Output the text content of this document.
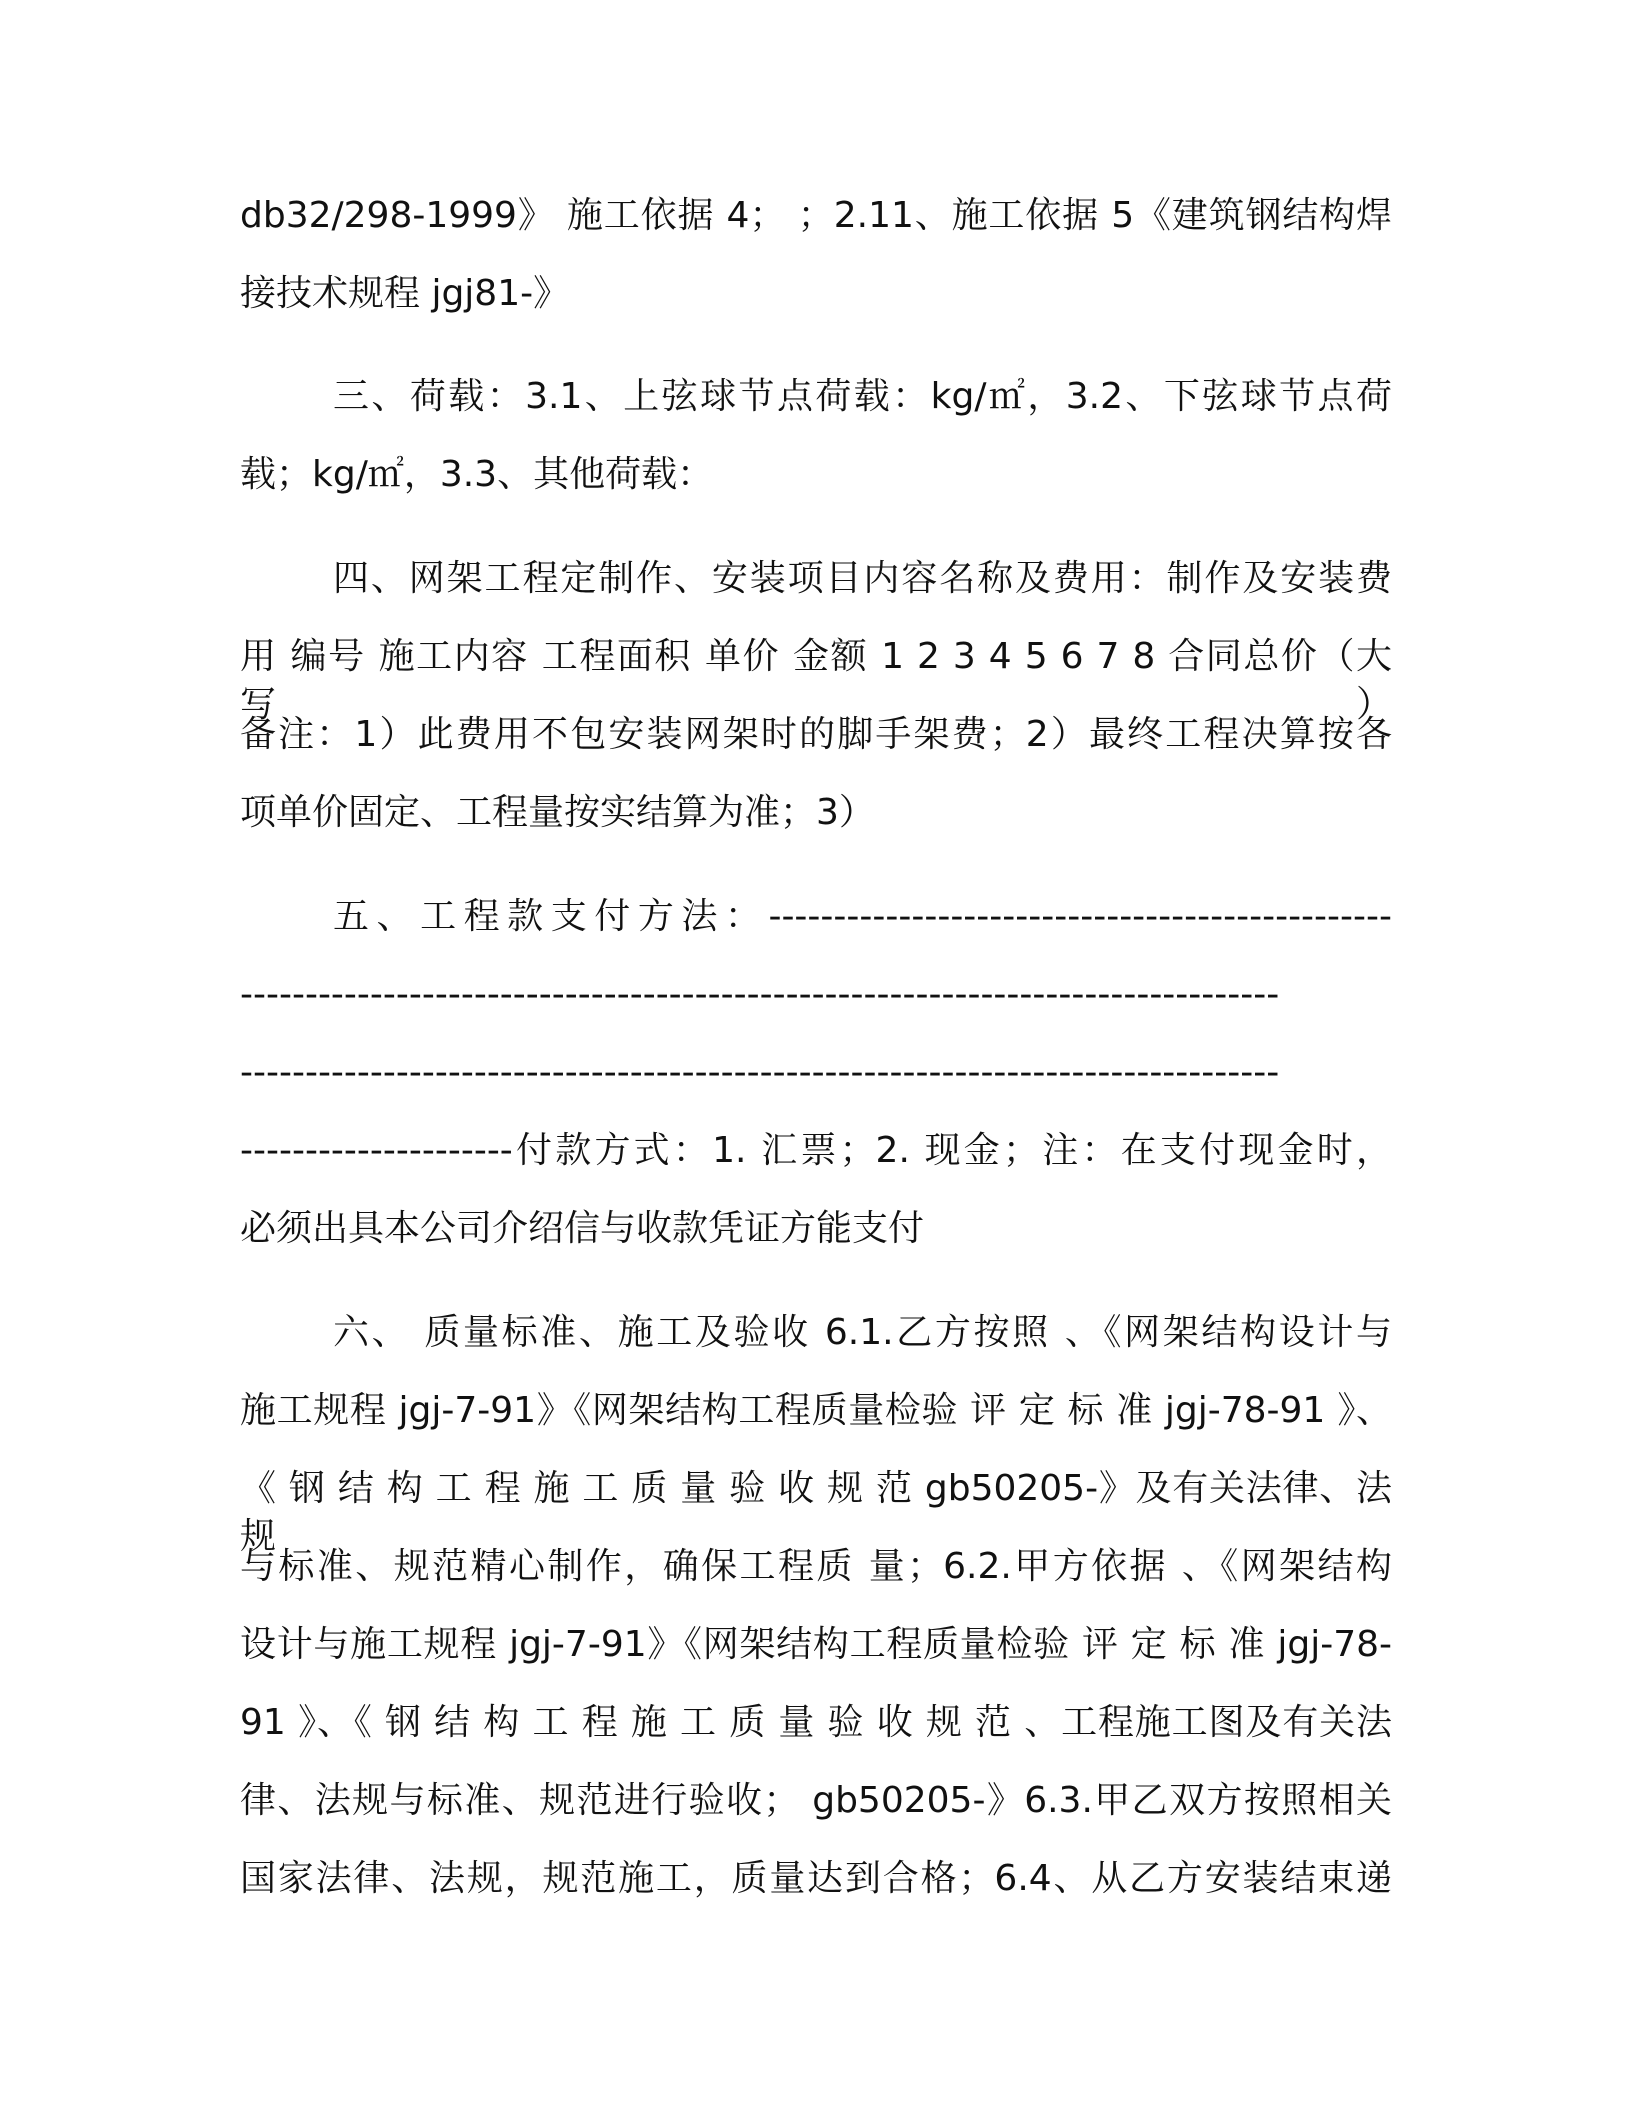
db32/298-1999》 施工依据 4； ；2.11、施工依据 5《建筑钢结构焊
接技术规程 jgj81-》
三、荷载：3.1、上弦球节点荷载：kg/㎡，3.2、下弦球节点荷
载；kg/㎡，3.3、其他荷载：
四、网架工程定制作、安装项目内容名称及费用：制作及安装费
用 编号 施工内容 工程面积 单价 金额 1 2 3 4 5 6 7 8 合同总价（大写）
备注：1）此费用不包安装网架时的脚手架费；2）最终工程决算按各
项单价固定、工程量按实结算为准；3）
五、工程款支付方法：------------------------------------------------
--------------------------------------------------------------------------------
--------------------------------------------------------------------------------
---------------------付款方式：1. 汇票；2. 现金；注：在支付现金时，
必须出具本公司介绍信与收款凭证方能支付
六、 质量标准、施工及验收 6.1.乙方按照 、《网架结构设计与
施工规程 jgj-7-91》《网架结构工程质量检验 评 定 标 准 jgj-78-91 》、
《 钢 结 构 工 程 施 工 质 量 验 收 规 范 gb50205-》及有关法律、法规
与标准、规范精心制作，确保工程质 量；6.2.甲方依据 、《网架结构
设计与施工规程 jgj-7-91》《网架结构工程质量检验 评 定 标 准 jgj-78-
91 》、《 钢 结 构 工 程 施 工 质 量 验 收 规 范 、工程施工图及有关法
律、法规与标准、规范进行验收； gb50205-》6.3.甲乙双方按照相关
国家法律、法规，规范施工，质量达到合格；6.4、从乙方安装结束递
